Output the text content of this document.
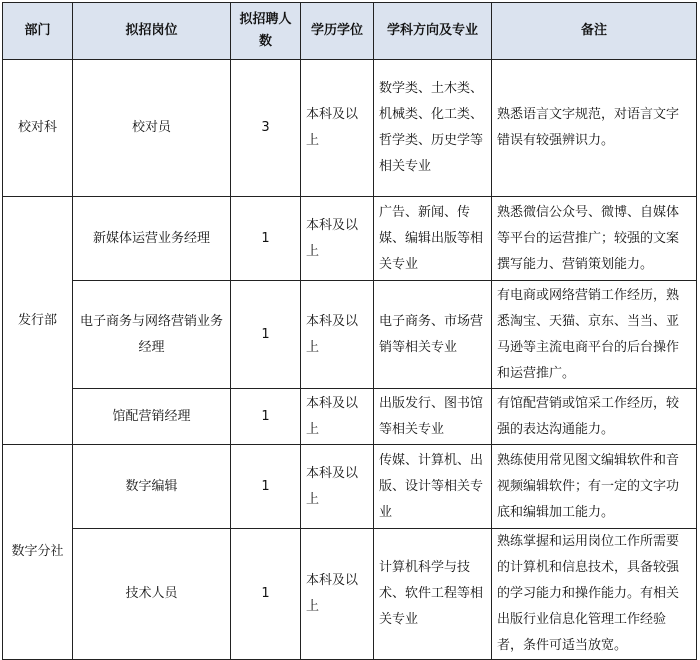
部门	拟招岗位	拟招聘人数	学历学位	学科方向及专业	备注
校对科	校对员	3	本科及以上	数学类、土木类、机械类、化工类、哲学类、历史学等相关专业	熟悉语言文字规范，对语言文字错误有较强辨识力。
发行部	新媒体运营业务经理	1	本科及以上	广告、新闻、传媒、编辑出版等相关专业	熟悉微信公众号、微博、自媒体等平台的运营推广；较强的文案撰写能力、营销策划能力。
	电子商务与网络营销业务经理	1	本科及以上	电子商务、市场营销等相关专业	有电商或网络营销工作经历，熟悉淘宝、天猫、京东、当当、亚马逊等主流电商平台的后台操作和运营推广。
	馆配营销经理	1	本科及以上	出版发行、图书馆等相关专业	有馆配营销或馆采工作经历，较强的表达沟通能力。
数字分社	数字编辑	1	本科及以上	传媒、计算机、出版、设计等相关专业	熟练使用常见图文编辑软件和音视频编辑软件；有一定的文字功底和编辑加工能力。
	技术人员	1	本科及以上	计算机科学与技术、软件工程等相关专业	熟练掌握和运用岗位工作所需要的计算机和信息技术，具备较强的学习能力和操作能力。有相关出版行业信息化管理工作经验者，条件可适当放宽。
